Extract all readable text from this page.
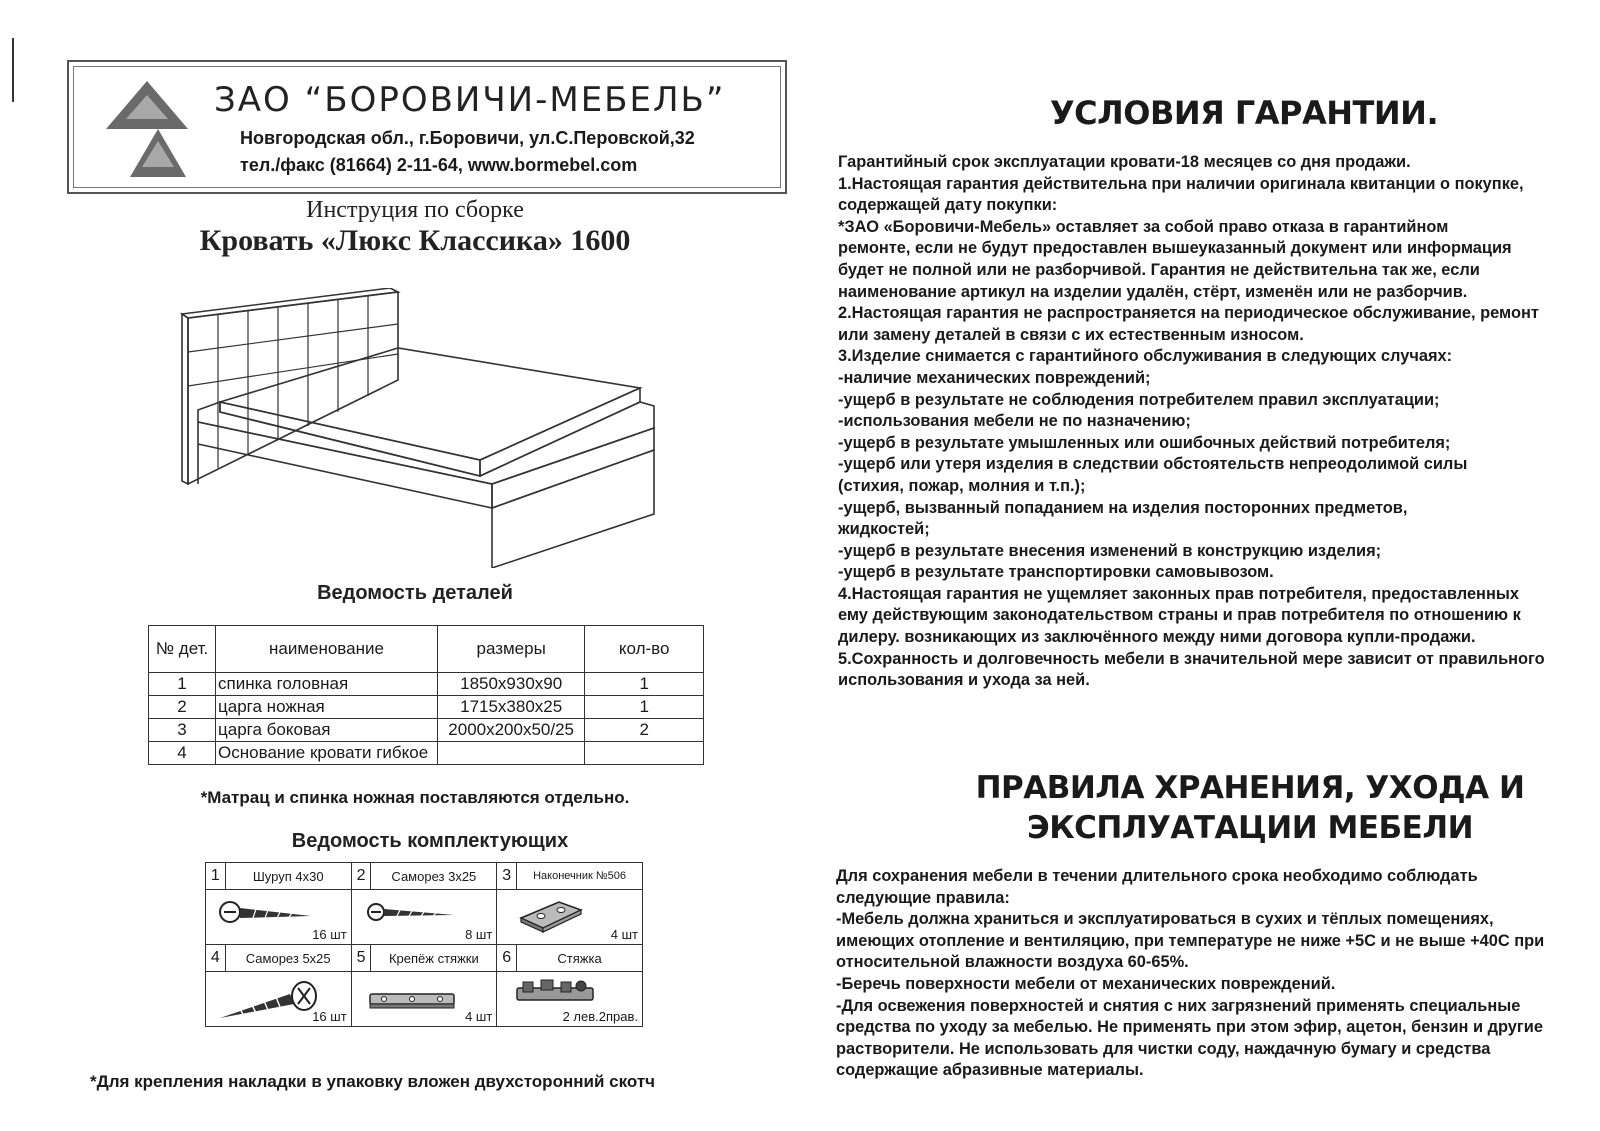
ЗАО “БОРОВИЧИ-МЕБЕЛЬ”
Новгородская обл., г.Боровичи, ул.С.Перовской,32
тел./факс (81664) 2-11-64, www.bormebel.com
Инструция по сборке
Кровать «Люкс Классика» 1600
Ведомость деталей
№ дет.	наименование	размеры	кол-во
1	спинка головная	1850x930x90	1
2	царга ножная	1715x380x25	1
3	царга боковая	2000x200x50/25	2
4	Основание кровати гибкое		
*Матрац и спинка ножная поставляются отдельно.
Ведомость комплектующих
1	Шуруп 4x30	2	Саморез 3x25	3	Наконечник №506

16 шт		8 шт		4 шт	

4	Саморез 5x25	5	Крепёж стяжки	6	Стяжка

16 шт		4 шт		2 лев.2прав.	
*Для крепления накладки в упаковку вложен двухсторонний скотч
УСЛОВИЯ ГАРАНТИИ.
Гарантийный срок эксплуатации кровати-18 месяцев со дня продажи.
1.Настоящая гарантия действительна при наличии оригинала квитанции о покупке,
содержащей дату покупки:
*ЗАО «Боровичи-Мебель» оставляет за собой право отказа в гарантийном
ремонте, если не будут предоставлен вышеуказанный документ или информация
будет не полной или не разборчивой. Гарантия не действительна так же, если
наименование артикул на изделии удалён, стёрт, изменён или не разборчив.
2.Настоящая гарантия не распространяется на периодическое обслуживание, ремонт
или замену деталей в связи с их естественным износом.
3.Изделие снимается с гарантийного обслуживания в следующих случаях:
-наличие механических повреждений;
-ущерб в результате не соблюдения потребителем правил эксплуатации;
-использования мебели не по назначению;
-ущерб в результате умышленных или ошибочных действий потребителя;
-ущерб или утеря изделия в следствии обстоятельств непреодолимой силы
(стихия, пожар, молния и т.п.);
-ущерб, вызванный попаданием на изделия посторонних предметов,
жидкостей;
-ущерб в результате внесения изменений в конструкцию изделия;
-ущерб в результате транспортировки самовывозом.
4.Настоящая гарантия не ущемляет законных прав потребителя, предоставленных
ему действующим законодательством страны и прав потребителя по отношению к
дилеру. возникающих из заключённого между ними договора купли-продажи.
5.Сохранность и долговечность мебели в значительной мере зависит от правильного
использования и ухода за ней.
ПРАВИЛА ХРАНЕНИЯ, УХОДА И
ЭКСПЛУАТАЦИИ МЕБЕЛИ
Для сохранения мебели в течении длительного срока необходимо соблюдать
следующие правила:
-Мебель должна храниться и эксплуатироваться в сухих и тёплых помещениях,
имеющих отопление и вентиляцию, при температуре не ниже +5С и не выше +40С при
относительной влажности воздуха 60-65%.
-Беречь поверхности мебели от механических повреждений.
-Для освежения поверхностей и снятия с них загрязнений применять специальные
средства по уходу за мебелью. Не применять при этом эфир, ацетон, бензин и другие
растворители. Не использовать для чистки соду, наждачную бумагу и средства
содержащие абразивные материалы.
